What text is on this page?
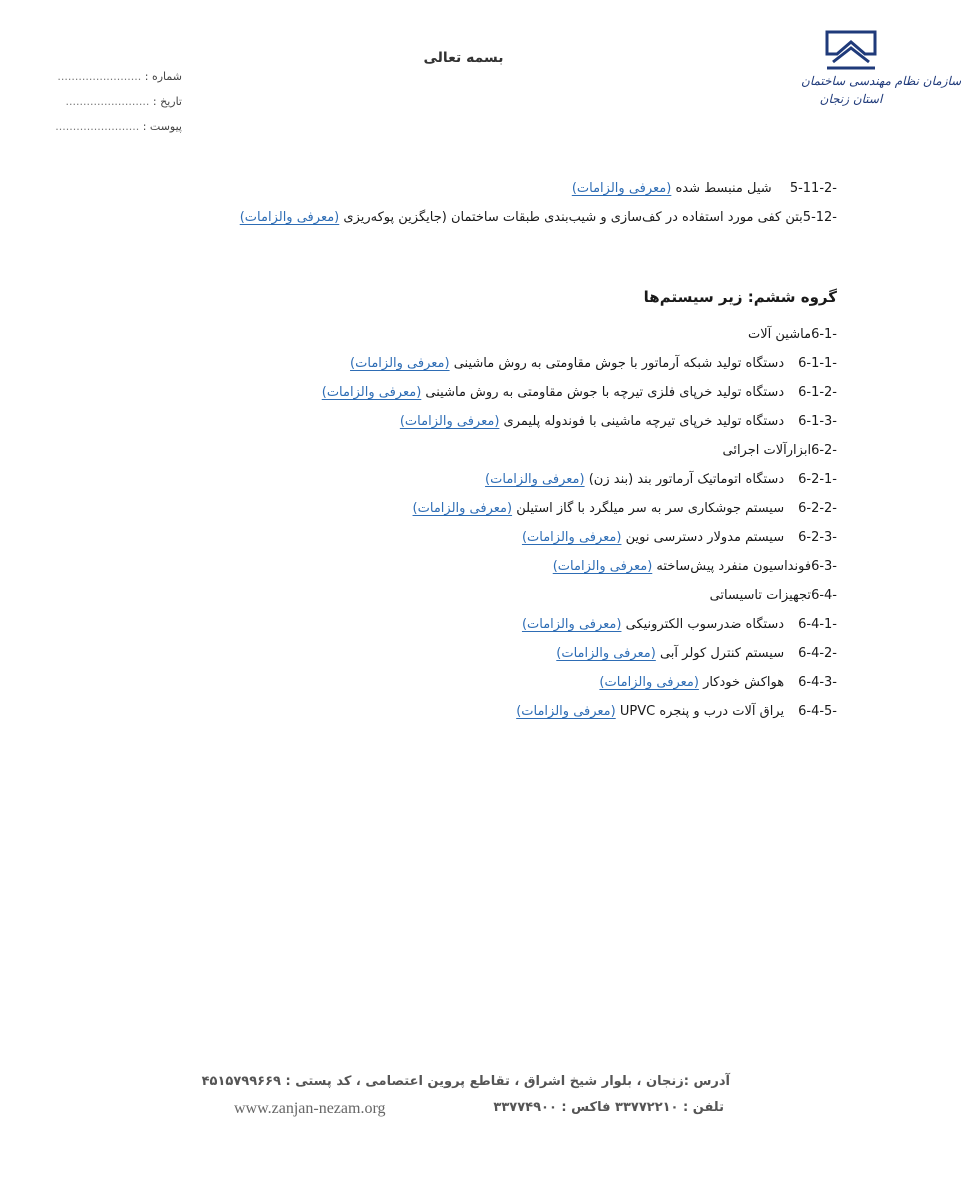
سازمان نظام مهندسی ساختمان
استان زنجان
بسمه تعالی
شماره : ........................
تاریخ : ........................
پیوست : ........................
5-11-2- شیل منبسط شده (معرفی والزامات)
5-12-بتن کفی مورد استفاده در کف‌سازی و شیب‌بندی طبقات ساختمان (جایگزین پوکه‌ریزی (معرفی والزامات)
گروه ششم: زیر سیستم‌ها
6-1-ماشین آلات
6-1-1-دستگاه تولید شبکه آرماتور با جوش مقاومتی به روش ماشینی (معرفی والزامات)
6-1-2-دستگاه تولید خرپای فلزی تیرچه با جوش مقاومتی به روش ماشینی (معرفی والزامات)
6-1-3-دستگاه تولید خرپای تیرچه ماشینی با فوندوله پلیمری (معرفی والزامات)
6-2-ابزارآلات اجرائی
6-2-1-دستگاه اتوماتیک آرماتور بند (بند زن) (معرفی والزامات)
6-2-2-سیستم جوشکاری سر به سر میلگرد با گاز استیلن (معرفی والزامات)
6-2-3-سیستم مدولار دسترسی نوین (معرفی والزامات)
6-3-فونداسیون منفرد پیش‌ساخته (معرفی والزامات)
6-4-تجهیزات تاسیساتی
6-4-1-دستگاه ضدرسوب الکترونیکی (معرفی والزامات)
6-4-2-سیستم کنترل کولر آبی (معرفی والزامات)
6-4-3-هواکش خودکار (معرفی والزامات)
6-4-5-یراق آلات درب و پنجره UPVC (معرفی والزامات)
آدرس :زنجان ، بلوار شیخ اشراق ، تقاطع پروین اعتصامی ، کد پستی : ۴۵۱۵۷۹۹۶۶۹
www.zanjan-nezam.org	تلفن : ۳۳۷۷۲۲۱۰ فاکس : ۳۳۷۷۴۹۰۰
